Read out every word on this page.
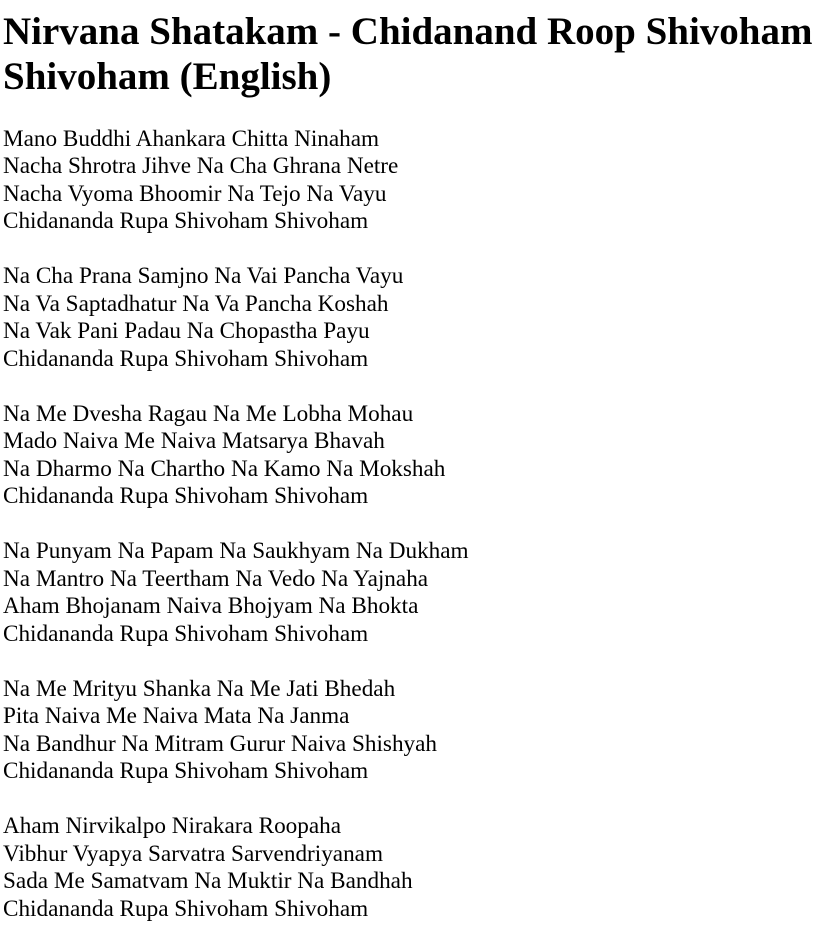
Nirvana Shatakam - Chidanand Roop Shivoham Shivoham (English)
Mano Buddhi Ahankara Chitta Ninaham
Nacha Shrotra Jihve Na Cha Ghrana Netre
Nacha Vyoma Bhoomir Na Tejo Na Vayu
Chidananda Rupa Shivoham Shivoham
Na Cha Prana Samjno Na Vai Pancha Vayu
Na Va Saptadhatur Na Va Pancha Koshah
Na Vak Pani Padau Na Chopastha Payu
Chidananda Rupa Shivoham Shivoham
Na Me Dvesha Ragau Na Me Lobha Mohau
Mado Naiva Me Naiva Matsarya Bhavah
Na Dharmo Na Chartho Na Kamo Na Mokshah
Chidananda Rupa Shivoham Shivoham
Na Punyam Na Papam Na Saukhyam Na Dukham
Na Mantro Na Teertham Na Vedo Na Yajnaha
Aham Bhojanam Naiva Bhojyam Na Bhokta
Chidananda Rupa Shivoham Shivoham
Na Me Mrityu Shanka Na Me Jati Bhedah
Pita Naiva Me Naiva Mata Na Janma
Na Bandhur Na Mitram Gurur Naiva Shishyah
Chidananda Rupa Shivoham Shivoham
Aham Nirvikalpo Nirakara Roopaha
Vibhur Vyapya Sarvatra Sarvendriyanam
Sada Me Samatvam Na Muktir Na Bandhah
Chidananda Rupa Shivoham Shivoham
